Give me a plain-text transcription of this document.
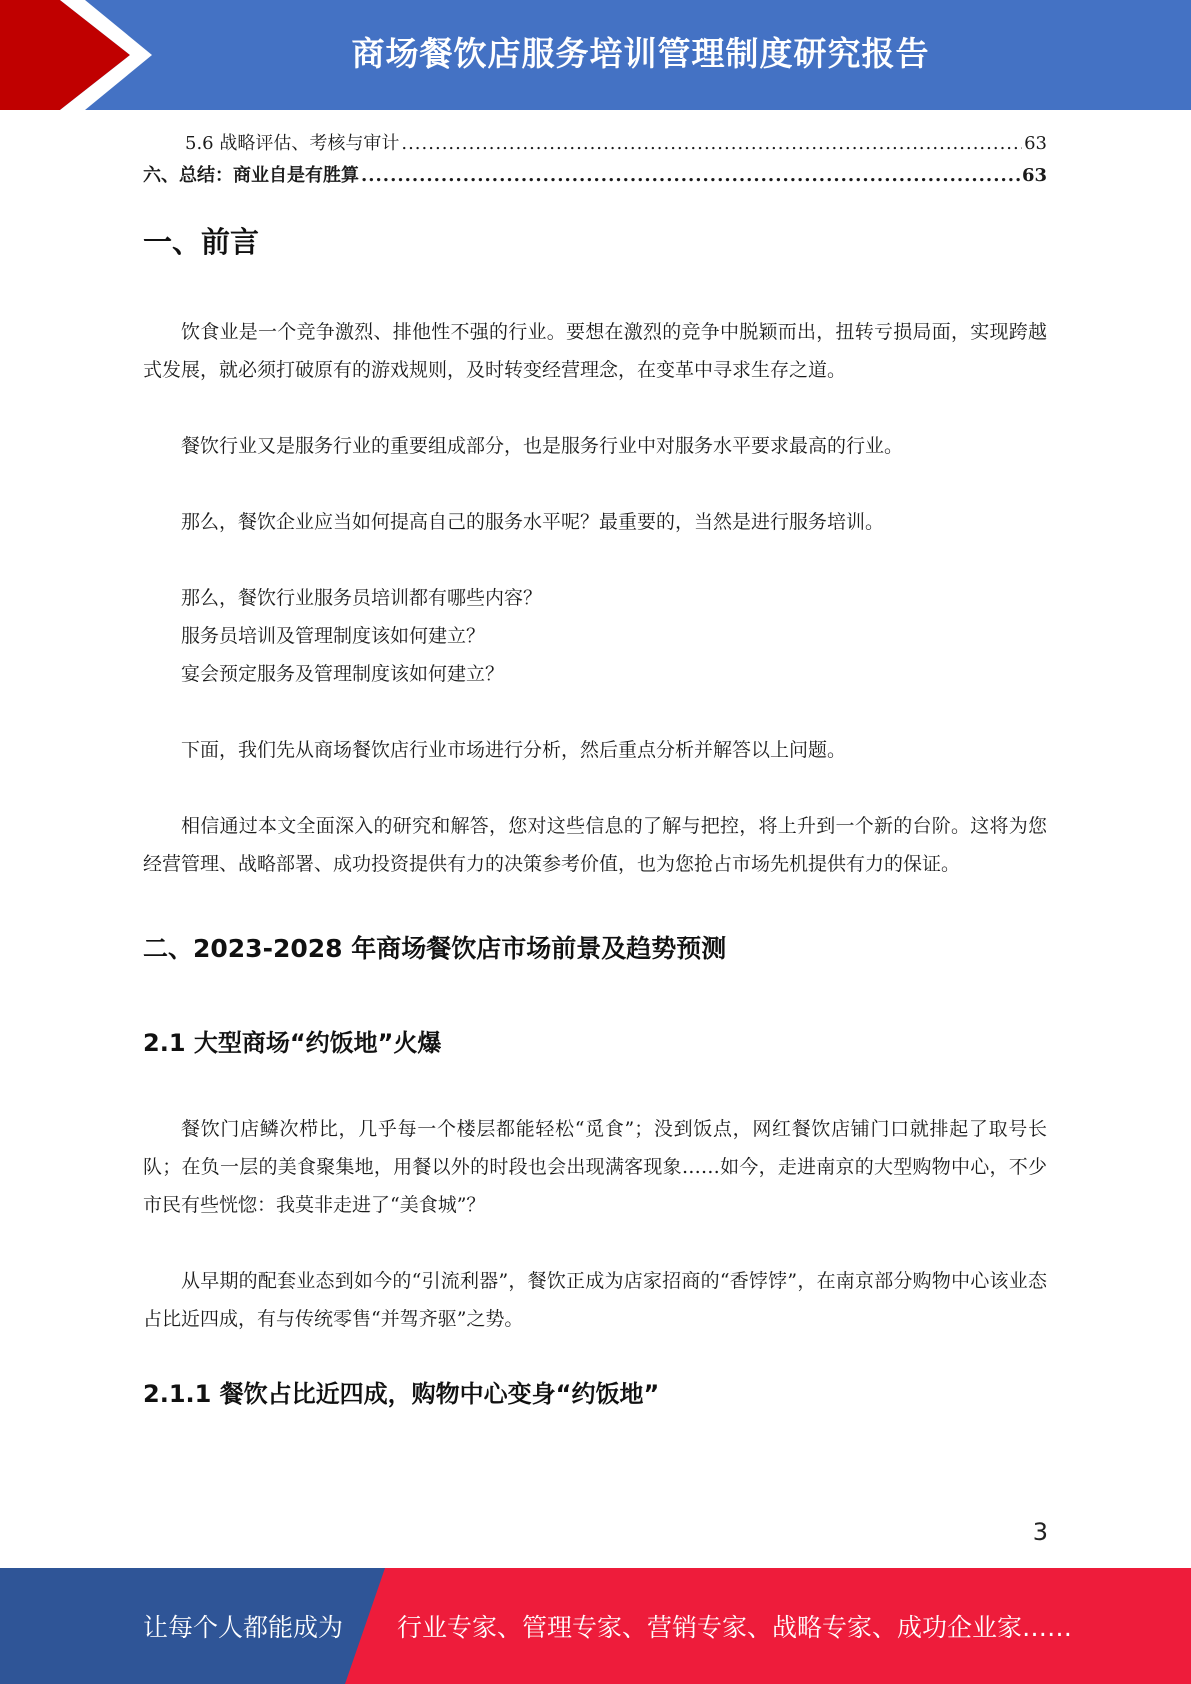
商场餐饮店服务培训管理制度研究报告
5.6 战略评估、考核与审计 .....	63
六、总结：商业自是有胜算 .....	63
一、前言

饮食业是一个竞争激烈、排他性不强的行业。要想在激烈的竞争中脱颖而出，扭转亏损局面，实现跨越式发展，就必须打破原有的游戏规则，及时转变经营理念，在变革中寻求生存之道。

餐饮行业又是服务行业的重要组成部分，也是服务行业中对服务水平要求最高的行业。

那么，餐饮企业应当如何提高自己的服务水平呢？最重要的，当然是进行服务培训。

那么，餐饮行业服务员培训都有哪些内容？

服务员培训及管理制度该如何建立？

宴会预定服务及管理制度该如何建立？

下面，我们先从商场餐饮店行业市场进行分析，然后重点分析并解答以上问题。

相信通过本文全面深入的研究和解答，您对这些信息的了解与把控，将上升到一个新的台阶。这将为您经营管理、战略部署、成功投资提供有力的决策参考价值，也为您抢占市场先机提供有力的保证。

二、2023-2028 年商场餐饮店市场前景及趋势预测
2.1 大型商场“约饭地”火爆

餐饮门店鳞次栉比，几乎每一个楼层都能轻松“觅食”；没到饭点，网红餐饮店铺门口就排起了取号长队；在负一层的美食聚集地，用餐以外的时段也会出现满客现象……如今，走进南京的大型购物中心，不少市民有些恍惚：我莫非走进了“美食城”？

从早期的配套业态到如今的“引流利器”，餐饮正成为店家招商的“香饽饽”，在南京部分购物中心该业态占比近四成，有与传统零售“并驾齐驱”之势。

2.1.1 餐饮占比近四成，购物中心变身“约饭地”
3
让每个人都能成为 行业专家、管理专家、营销专家、战略专家、成功企业家……
